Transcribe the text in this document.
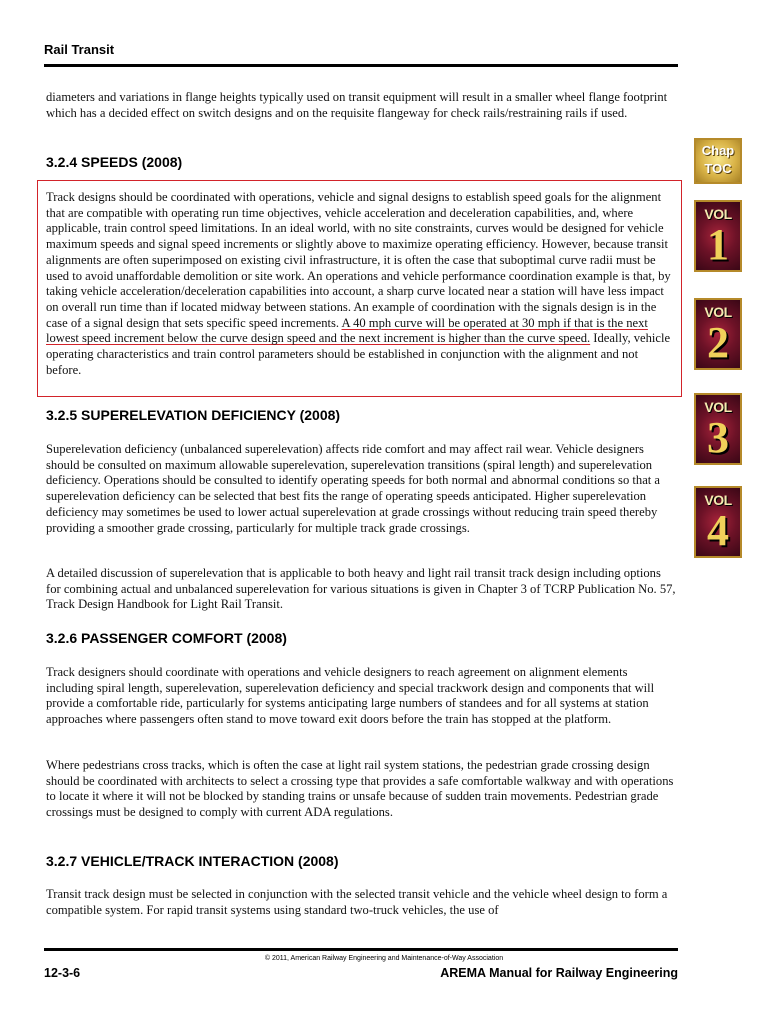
Rail Transit

diameters and variations in flange heights typically used on transit equipment will result in a smaller wheel flange footprint which has a decided effect on switch designs and on the requisite flangeway for check rails/restraining rails if used.

3.2.4 SPEEDS (2008)

Track designs should be coordinated with operations, vehicle and signal designs to establish speed goals for the alignment that are compatible with operating run time objectives, vehicle acceleration and deceleration capabilities, and, where applicable, train control speed limitations. In an ideal world, with no site constraints, curves would be designed for vehicle maximum speeds and signal speed increments or slightly above to maximize operating efficiency. However, because transit alignments are often superimposed on existing civil infrastructure, it is often the case that suboptimal curve radii must be used to avoid unaffordable demolition or site work. An operations and vehicle performance coordination example is that, by taking vehicle acceleration/deceleration capabilities into account, a sharp curve located near a station will have less impact on overall run time than if located midway between stations. An example of coordination with the signals design is in the case of a signal design that sets specific speed increments. A 40 mph curve will be operated at 30 mph if that is the next lowest speed increment below the curve design speed and the next increment is higher than the curve speed. Ideally, vehicle operating characteristics and train control parameters should be established in conjunction with the alignment and not before.

3.2.5 SUPERELEVATION DEFICIENCY (2008)

Superelevation deficiency (unbalanced superelevation) affects ride comfort and may affect rail wear. Vehicle designers should be consulted on maximum allowable superelevation, superelevation transitions (spiral length) and superelevation deficiency. Operations should be consulted to identify operating speeds for both normal and abnormal conditions so that a superelevation deficiency can be selected that best fits the range of operating speeds anticipated. Higher superelevation deficiency may sometimes be used to lower actual superelevation at grade crossings without reducing train speed thereby providing a smoother grade crossing, particularly for multiple track grade crossings.

A detailed discussion of superelevation that is applicable to both heavy and light rail transit track design including options for combining actual and unbalanced superelevation for various situations is given in Chapter 3 of TCRP Publication No. 57, Track Design Handbook for Light Rail Transit.

3.2.6 PASSENGER COMFORT (2008)

Track designers should coordinate with operations and vehicle designers to reach agreement on alignment elements including spiral length, superelevation, superelevation deficiency and special trackwork design and components that will provide a comfortable ride, particularly for systems anticipating large numbers of standees and for all systems at station approaches where passengers often stand to move toward exit doors before the train has stopped at the platform.

Where pedestrians cross tracks, which is often the case at light rail system stations, the pedestrian grade crossing design should be coordinated with architects to select a crossing type that provides a safe comfortable walkway and with operations to locate it where it will not be blocked by standing trains or unsafe because of sudden train movements. Pedestrian grade crossings must be designed to comply with current ADA regulations.

3.2.7 VEHICLE/TRACK INTERACTION (2008)

Transit track design must be selected in conjunction with the selected transit vehicle and the vehicle wheel design to form a compatible system. For rapid transit systems using standard two-truck vehicles, the use of

© 2011, American Railway Engineering and Maintenance-of-Way Association
12-3-6	AREMA Manual for Railway Engineering
Chap
TOC
VOL
1
VOL
2
VOL
3
VOL
4
